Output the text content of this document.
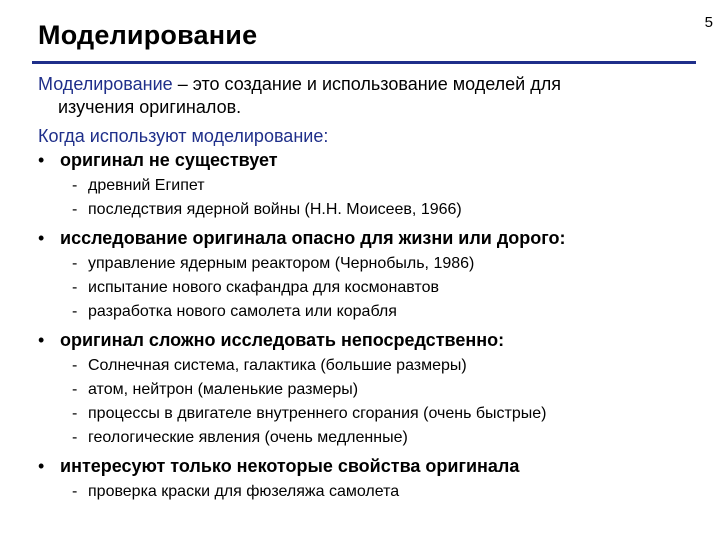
Моделирование	5

Моделирование – это создание и использование моделей для
изучения оригиналов.

Когда используют моделирование:
• оригинал не существует
- древний Египет
- последствия ядерной войны (Н.Н. Моисеев, 1966)
• исследование оригинала опасно для жизни или дорого:
- управление ядерным реактором (Чернобыль, 1986)
- испытание нового скафандра для космонавтов
- разработка нового самолета или корабля
• оригинал сложно исследовать непосредственно:
- Солнечная система, галактика (большие размеры)
- атом, нейтрон (маленькие размеры)
- процессы в двигателе внутреннего сгорания (очень быстрые)
- геологические явления (очень медленные)
• интересуют только некоторые свойства оригинала
- проверка краски для фюзеляжа самолета
